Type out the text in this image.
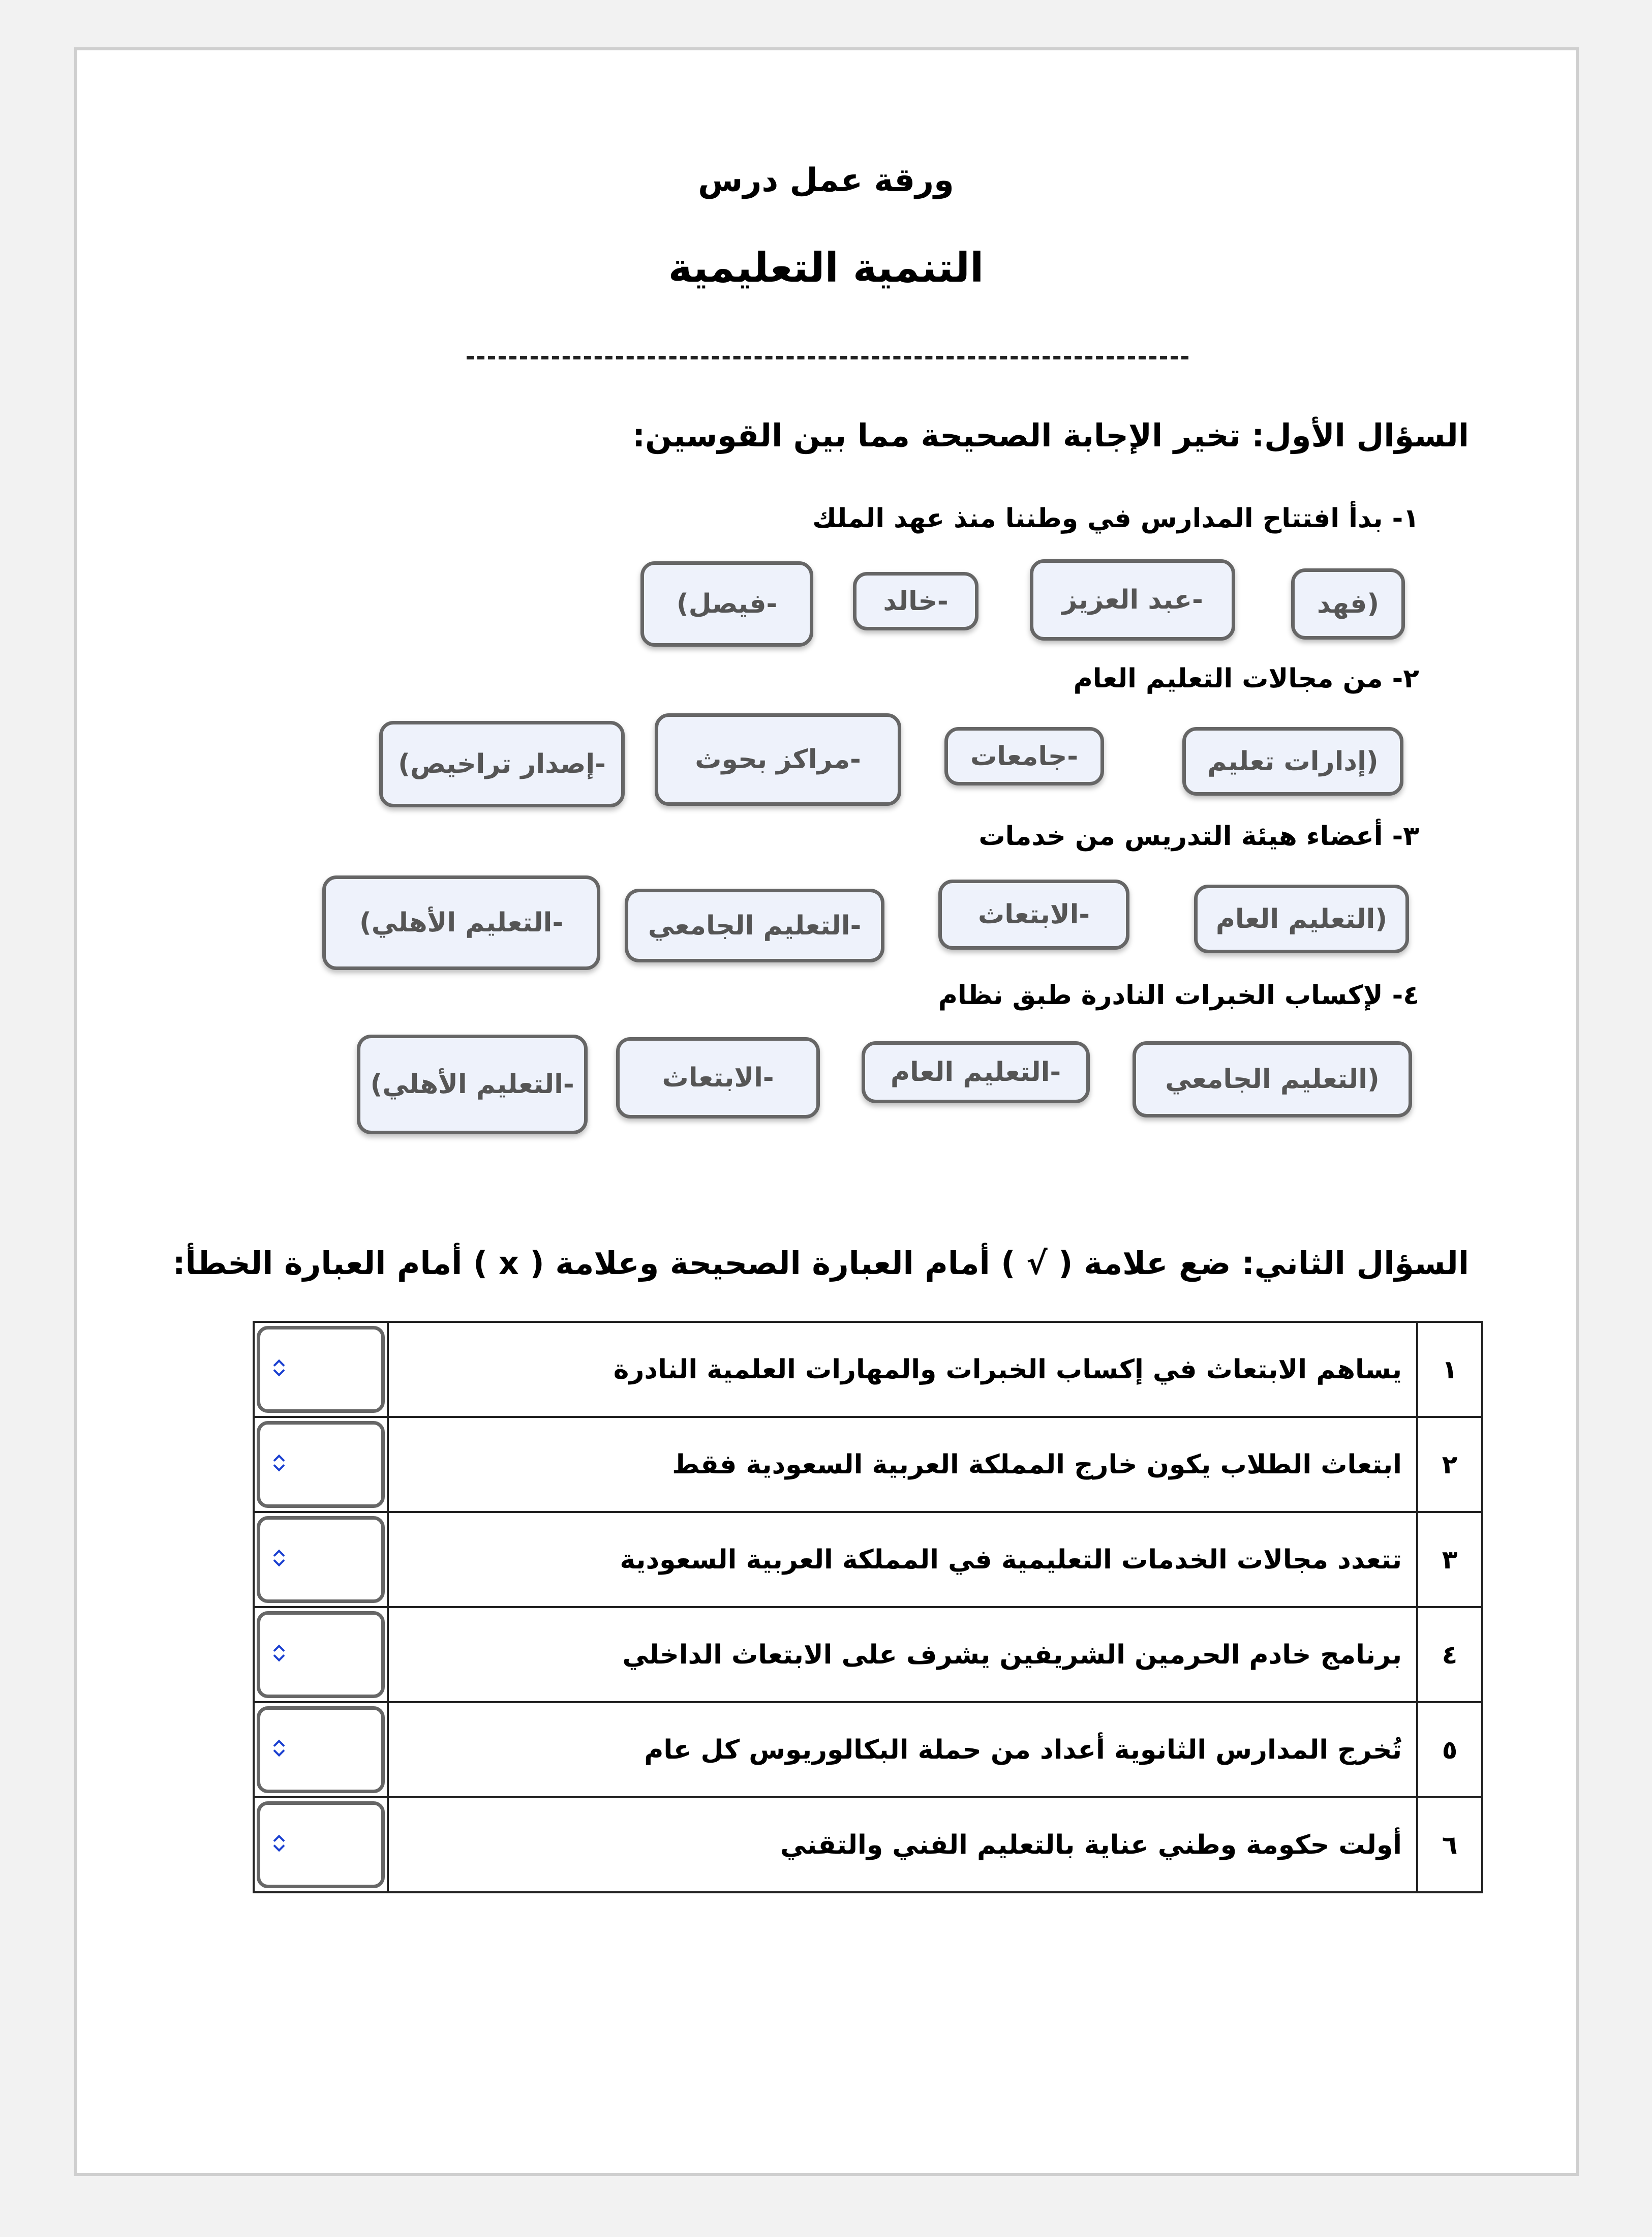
ورقة عمل درس
التنمية التعليمية
السؤال الأول: تخير الإجابة الصحيحة مما بين القوسين:
١- بدأ افتتاح المدارس في وطننا منذ عهد الملك
(فهد
-عبد العزيز
-خالد
-فيصل)
٢- من مجالات التعليم العام
(إدارات تعليم
-جامعات
-مراكز بحوث
-إصدار تراخيص)
٣- أعضاء هيئة التدريس من خدمات
(التعليم العام
-الابتعاث
-التعليم الجامعي
-التعليم الأهلي)
٤- لإكساب الخبرات النادرة طبق نظام
(التعليم الجامعي
-التعليم العام
-الابتعاث
-التعليم الأهلي)
السؤال الثاني: ضع علامة ( √ ) أمام العبارة الصحيحة وعلامة ( x ) أمام العبارة الخطأ:
١	يساهم الابتعاث في إكساب الخبرات والمهارات العلمية النادرة	

٢	ابتعاث الطلاب يكون خارج المملكة العربية السعودية فقط	

٣	تتعدد مجالات الخدمات التعليمية في المملكة العربية السعودية	

٤	برنامج خادم الحرمين الشريفين يشرف على الابتعاث الداخلي	

٥	تُخرج المدارس الثانوية أعداد من حملة البكالوريوس كل عام	

٦	أولت حكومة وطني عناية بالتعليم الفني والتقني	
